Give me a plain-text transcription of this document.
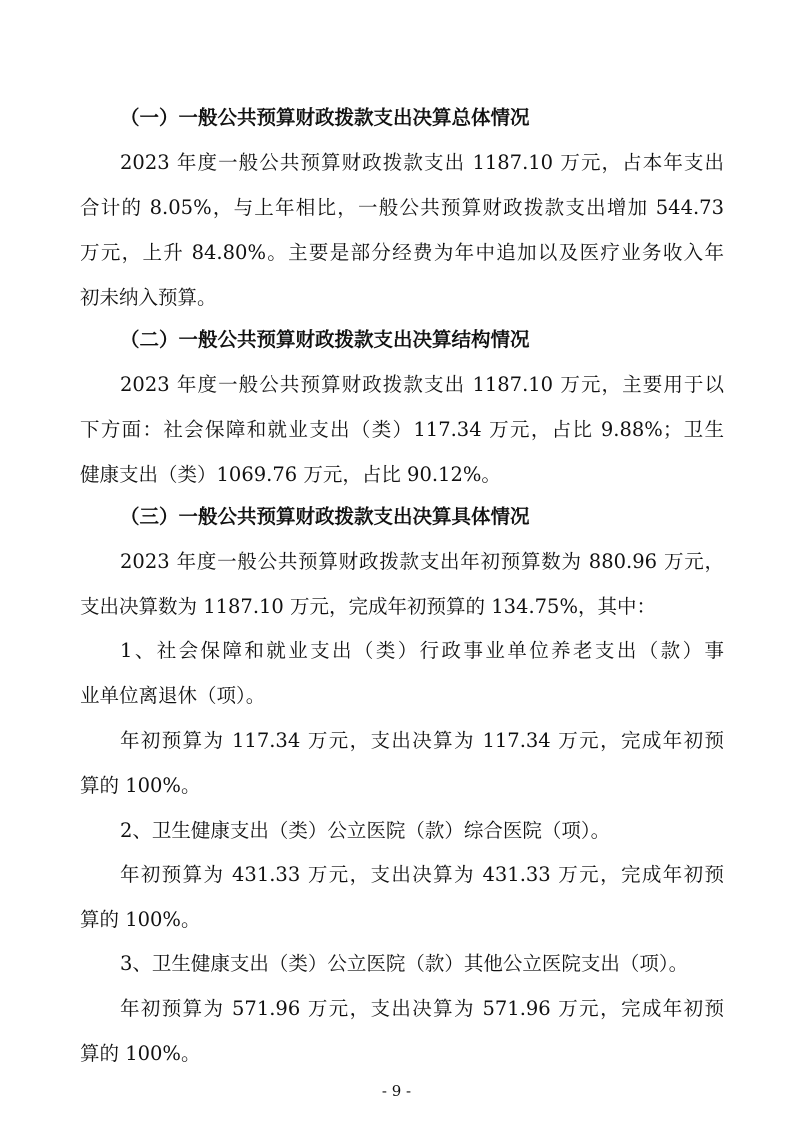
（一）一般公共预算财政拨款支出决算总体情况
2023 年度一般公共预算财政拨款支出 1187.10 万元，占本年支出
合计的 8.05%，与上年相比，一般公共预算财政拨款支出增加 544.73
万元，上升 84.80%。主要是部分经费为年中追加以及医疗业务收入年
初未纳入预算。
（二）一般公共预算财政拨款支出决算结构情况
2023 年度一般公共预算财政拨款支出 1187.10 万元，主要用于以
下方面：社会保障和就业支出（类）117.34 万元，占比 9.88%；卫生
健康支出（类）1069.76 万元，占比 90.12%。
（三）一般公共预算财政拨款支出决算具体情况
2023 年度一般公共预算财政拨款支出年初预算数为 880.96 万元，
支出决算数为 1187.10 万元，完成年初预算的 134.75%，其中：
1、社会保障和就业支出（类）行政事业单位养老支出（款）事
业单位离退休（项）。
年初预算为 117.34 万元，支出决算为 117.34 万元，完成年初预
算的 100%。
2、卫生健康支出（类）公立医院（款）综合医院（项）。
年初预算为 431.33 万元，支出决算为 431.33 万元，完成年初预
算的 100%。
3、卫生健康支出（类）公立医院（款）其他公立医院支出（项）。
年初预算为 571.96 万元，支出决算为 571.96 万元，完成年初预
算的 100%。
- 9 -
